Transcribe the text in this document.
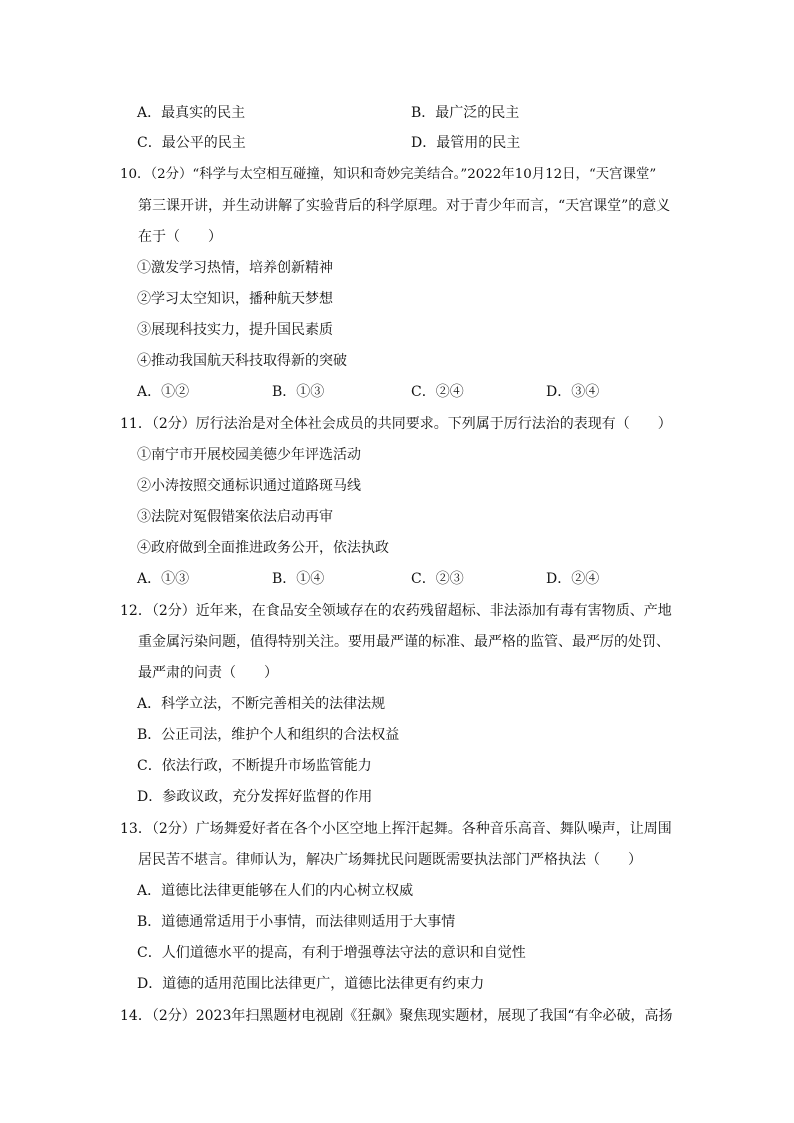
A．最真实的民主	B．最广泛的民主
C．最公平的民主	D．最管用的民主
10．（2分）“科学与太空相互碰撞，知识和奇妙完美结合。”2022年10月12日，“天宫课堂”
第三课开讲，并生动讲解了实验背后的科学原理。对于青少年而言，“天宫课堂”的意义
在于（　　）
①激发学习热情，培养创新精神
②学习太空知识，播种航天梦想
③展现科技实力，提升国民素质
④推动我国航天科技取得新的突破
A．①②	B．①③	C．②④	D．③④
11．（2分）厉行法治是对全体社会成员的共同要求。下列属于厉行法治的表现有（　　）
①南宁市开展校园美德少年评选活动
②小涛按照交通标识通过道路斑马线
③法院对冤假错案依法启动再审
④政府做到全面推进政务公开，依法执政
A．①③	B．①④	C．②③	D．②④
12．（2分）近年来，在食品安全领域存在的农药残留超标、非法添加有毒有害物质、产地
重金属污染问题，值得特别关注。要用最严谨的标准、最严格的监管、最严厉的处罚、
最严肃的问责（　　）
A．科学立法，不断完善相关的法律法规
B．公正司法，维护个人和组织的合法权益
C．依法行政，不断提升市场监管能力
D．参政议政，充分发挥好监督的作用
13．（2分）广场舞爱好者在各个小区空地上挥汗起舞。各种音乐高音、舞队噪声，让周围
居民苦不堪言。律师认为，解决广场舞扰民问题既需要执法部门严格执法（　　）
A．道德比法律更能够在人们的内心树立权威
B．道德通常适用于小事情，而法律则适用于大事情
C．人们道德水平的提高，有利于增强尊法守法的意识和自觉性
D．道德的适用范围比法律更广，道德比法律更有约束力
14．（2分）2023年扫黑题材电视剧《狂飙》聚焦现实题材，展现了我国“有伞必破，高扬
